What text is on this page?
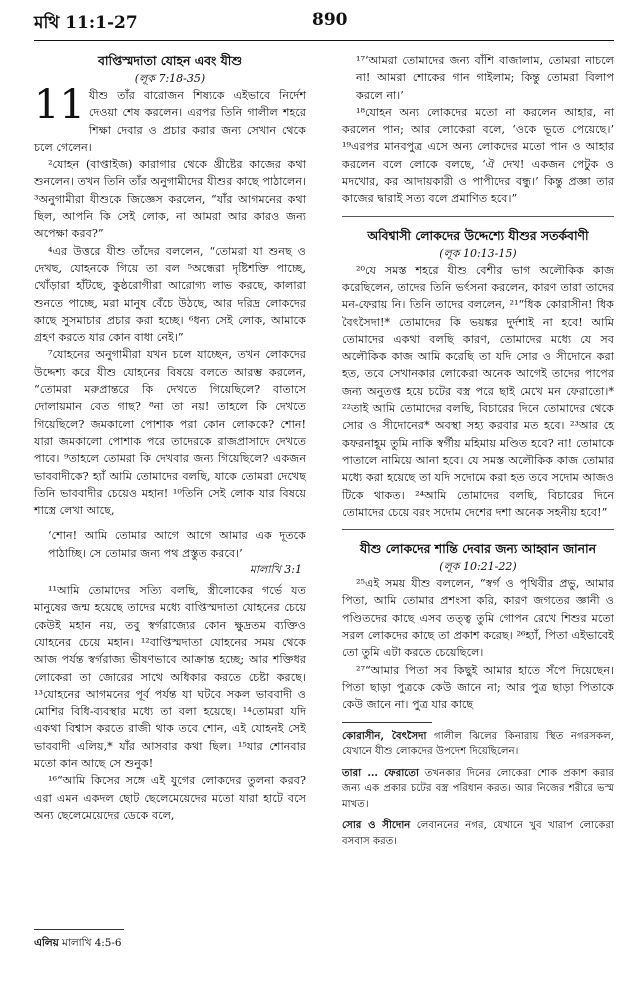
মথি 11:1-27	890
বাপ্তিস্মদাতা যোহন এবং যীশু
(লূক 7:18-35)

11 যীশু তাঁর বারোজন শিষ্যকে এইভাবে নির্দেশ দেওয়া শেষ করলেন। এরপর তিনি গালীল শহরে শিক্ষা দেবার ও প্রচার করার জন্য সেখান থেকে চলে গেলেন।

²যোহন (বাপ্তাইজ) কারাগার থেকে খ্রীষ্টের কাজের কথা শুনলেন। তখন তিনি তাঁর অনুগামীদের যীশুর কাছে পাঠালেন। ³অনুগামীরা যীশুকে জিজ্ঞেস করলেন, “যাঁর আগমনের কথা ছিল, আপনি কি সেই লোক, না আমরা আর কারও জন্য অপেক্ষা করব?”

⁴এর উত্তরে যীশু তাঁদের বললেন, “তোমরা যা শুনছ ও দেখছ, যোহনকে গিয়ে তা বল ⁵অন্ধেরা দৃষ্টিশক্তি পাচ্ছে, খোঁড়ারা হাঁটছে, কুষ্ঠরোগীরা আরোগ্য লাভ করছে, কালারা শুনতে পাচ্ছে, মরা মানুষ বেঁচে উঠছে, আর দরিদ্র লোকদের কাছে সুসমাচার প্রচার করা হচ্ছে। ⁶ধন্য সেই লোক, আমাকে গ্রহণ করতে যার কোন বাধা নেই।”

⁷যোহনের অনুগামীরা যখন চলে যাচ্ছেন, তখন লোকদের উদ্দেশ্য করে যীশু যোহনের বিষয়ে বলতে আরম্ভ করলেন, “তোমরা মরুপ্রান্তরে কি দেখতে গিয়েছিলে? বাতাসে দোলায়মান বেত গাছ? ⁸না তা নয়! তাহলে কি দেখতে গিয়েছিলে? জমকালো পোশাক পরা কোন লোককে? শোন! যারা জমকালো পোশাক পরে তাদেরকে রাজপ্রাসাদে দেখতে পাবে। ⁹তাহলে তোমরা কি দেখবার জন্য গিয়েছিলে? একজন ভাববাদীকে? হ্যাঁ আমি তোমাদের বলছি, যাকে তোমরা দেখেছ তিনি ভাববাদীর চেয়েও মহান! ¹⁰তিনি সেই লোক যার বিষয়ে শাস্ত্রে লেখা আছে,

‘শোন! আমি তোমার আগে আগে আমার এক দূতকে পাঠাচ্ছি। সে তোমার জন্য পথ প্রস্তুত করবে।’

মালাখি 3:1

¹¹আমি তোমাদের সত্যি বলছি, স্ত্রীলোকের গর্ভে যত মানুষের জন্ম হয়েছে তাদের মধ্যে বাপ্তিস্মদাতা যোহনের চেয়ে কেউই মহান নয়, তবু স্বর্গরাজ্যের কোন ক্ষুদ্রতম ব্যক্তিও যোহনের চেয়ে মহান। ¹²বাপ্তিস্মদাতা যোহনের সময় থেকে আজ পর্যন্ত স্বর্গরাজ্য ভীষণভাবে আক্রান্ত হচ্ছে; আর শক্তিধর লোকেরা তা জোরের সাথে অধিকার করতে চেষ্টা করছে। ¹³যোহনের আগমনের পূর্ব পর্যন্ত যা ঘটবে সকল ভাববাদী ও মোশির বিধি-ব্যবস্থার মধ্যে তা বলা হয়েছে। ¹⁴তোমরা যদি একথা বিশ্বাস করতে রাজী থাক তবে শোন, এই যোহনই সেই ভাববাদী এলিয়,* যাঁর আসবার কথা ছিল। ¹⁵যার শোনবার মতো কান আছে সে শুনুক!

¹⁶“আমি কিসের সঙ্গে এই যুগের লোকদের তুলনা করব? এরা এমন একদল ছোট ছেলেমেয়েদের মতো যারা হাটে বসে অন্য ছেলেমেয়েদের ডেকে বলে,

এলিয় মালাখি 4:5-6

¹⁷‘আমরা তোমাদের জন্য বাঁশি বাজালাম, তোমরা নাচলে না! আমরা শোকের গান গাইলাম; কিন্তু তোমরা বিলাপ করলে না।’

¹⁸যোহন অন্য লোকদের মতো না করলেন আহার, না করলেন পান; আর লোকেরা বলে, ‘ওকে ভূতে পেয়েছে।’ ¹⁹এরপর মানবপুত্র এসে অন্য লোকদের মতো পান ও আহার করলেন বলে লোকে বলছে, ‘ঐ দেখ! একজন পেটুক ও মদখোর, কর আদায়কারী ও পাপীদের বন্ধু।’ কিন্তু প্রজ্ঞা তার কাজের দ্বারাই সত্য বলে প্রমাণিত হবে।”

অবিশ্বাসী লোকদের উদ্দেশ্যে যীশুর সতর্কবাণী
(লূক 10:13-15)

²⁰যে সমস্ত শহরে যীশু বেশীর ভাগ অলৌকিক কাজ করেছিলেন, তাদের তিনি ভর্ৎসনা করলেন, কারণ তারা তাদের মন-ফেরায় নি। তিনি তাদের বললেন, ²¹“ধিক কোরাসীন! ধিক বৈৎসৈদা!* তোমাদের কি ভয়ঙ্কর দুর্দশাই না হবে! আমি তোমাদের একথা বলছি কারণ, তোমাদের মধ্যে যে সব অলৌকিক কাজ আমি করেছি তা যদি সোর ও সীদোনে করা হত, তবে সেখানকার লোকেরা অনেক আগেই তাদের পাপের জন্য অনুতপ্ত হয়ে চটের বস্ত্র পরে ছাই মেখে মন ফেরাতো।* ²²তাই আমি তোমাদের বলছি, বিচারের দিনে তোমাদের থেকে সোর ও সীদোনের* অবস্থা সহ্য করবার মত হবে। ²³আর হে কফরনাহূম তুমি নাকি স্বর্গীয় মহিমায় মণ্ডিত হবে? না! তোমাকে পাতালে নামিয়ে আনা হবে। যে সমস্ত অলৌকিক কাজ তোমার মধ্যে করা হয়েছে তা যদি সদোমে করা হত তবে সদোম আজও টিকে থাকত। ²⁴আমি তোমাদের বলছি, বিচারের দিনে তোমাদের চেয়ে বরং সদোম দেশের দশা অনেক সহনীয় হবে!”

যীশু লোকদের শান্তি দেবার জন্য আহ্বান জানান
(লূক 10:21-22)

²⁵এই সময় যীশু বললেন, “স্বর্গ ও পৃথিবীর প্রভু, আমার পিতা, আমি তোমার প্রশংসা করি, কারণ জগতের জ্ঞানী ও পণ্ডিতদের কাছে এসব তত্ত্ব তুমি গোপন রেখে শিশুর মতো সরল লোকদের কাছে তা প্রকাশ করেছ। ²⁶হ্যাঁ, পিতা এইভাবেই তো তুমি এটা করতে চেয়েছিলে।

²⁷“আমার পিতা সব কিছুই আমার হাতে সঁপে দিয়েছেন। পিতা ছাড়া পুত্রকে কেউ জানে না; আর পুত্র ছাড়া পিতাকে কেউ জানে না। পুত্র যার কাছে

কোরাসীন, বৈৎসৈদা গালীল ঝিলের কিনারায় স্থিত নগরসকল, যেখানে যীশু লোকদের উপদেশ দিয়েছিলেন।

তারা ... ফেরাতো তখনকার দিনের লোকেরা শোক প্রকাশ করার জন্য এক প্রকার চটের বস্ত্র পরিধান করত। আর নিজের শরীরে ভস্ম মাখত।

সোর ও সীদোন লেবাননের নগর, যেখানে খুব খারাপ লোকেরা বসবাস করত।
